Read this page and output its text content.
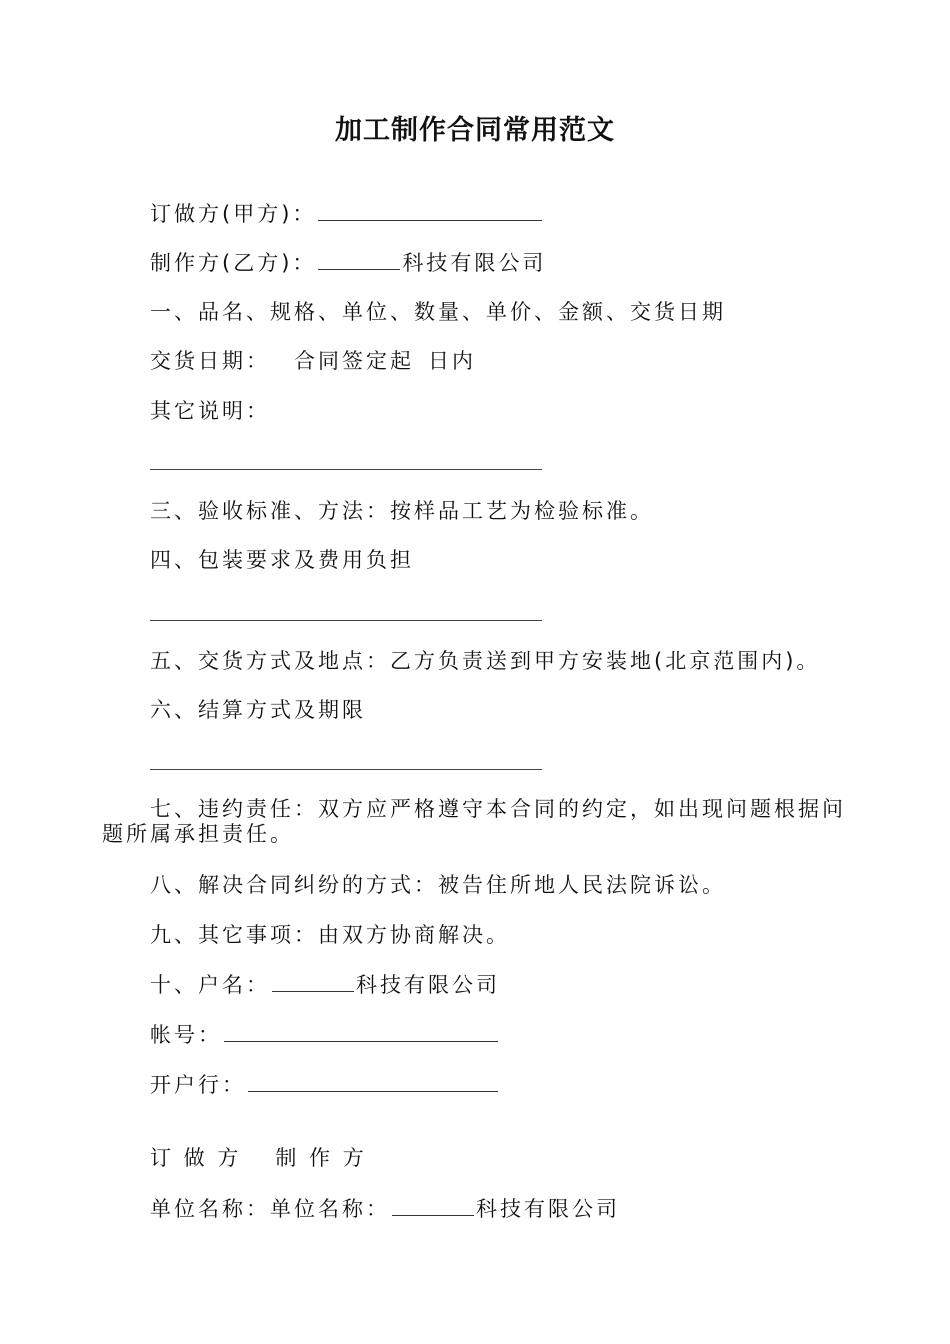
加工制作合同常用范文
订做方(甲方)：
制作方(乙方)：	科技有限公司
一、品名、规格、单位、数量、单价、金额、交货日期
交货日期： 合同签定起 日内
其它说明：
三、验收标准、方法：按样品工艺为检验标准。
四、包装要求及费用负担
五、交货方式及地点：乙方负责送到甲方安装地(北京范围内)。
六、结算方式及期限
七、违约责任：双方应严格遵守本合同的约定，如出现问题根据问题所属承担责任。
八、解决合同纠纷的方式：被告住所地人民法院诉讼。
九、其它事项：由双方协商解决。
十、户名：	科技有限公司
帐号：
开户行：
订 做 方 制 作 方
单位名称：单位名称：	科技有限公司
